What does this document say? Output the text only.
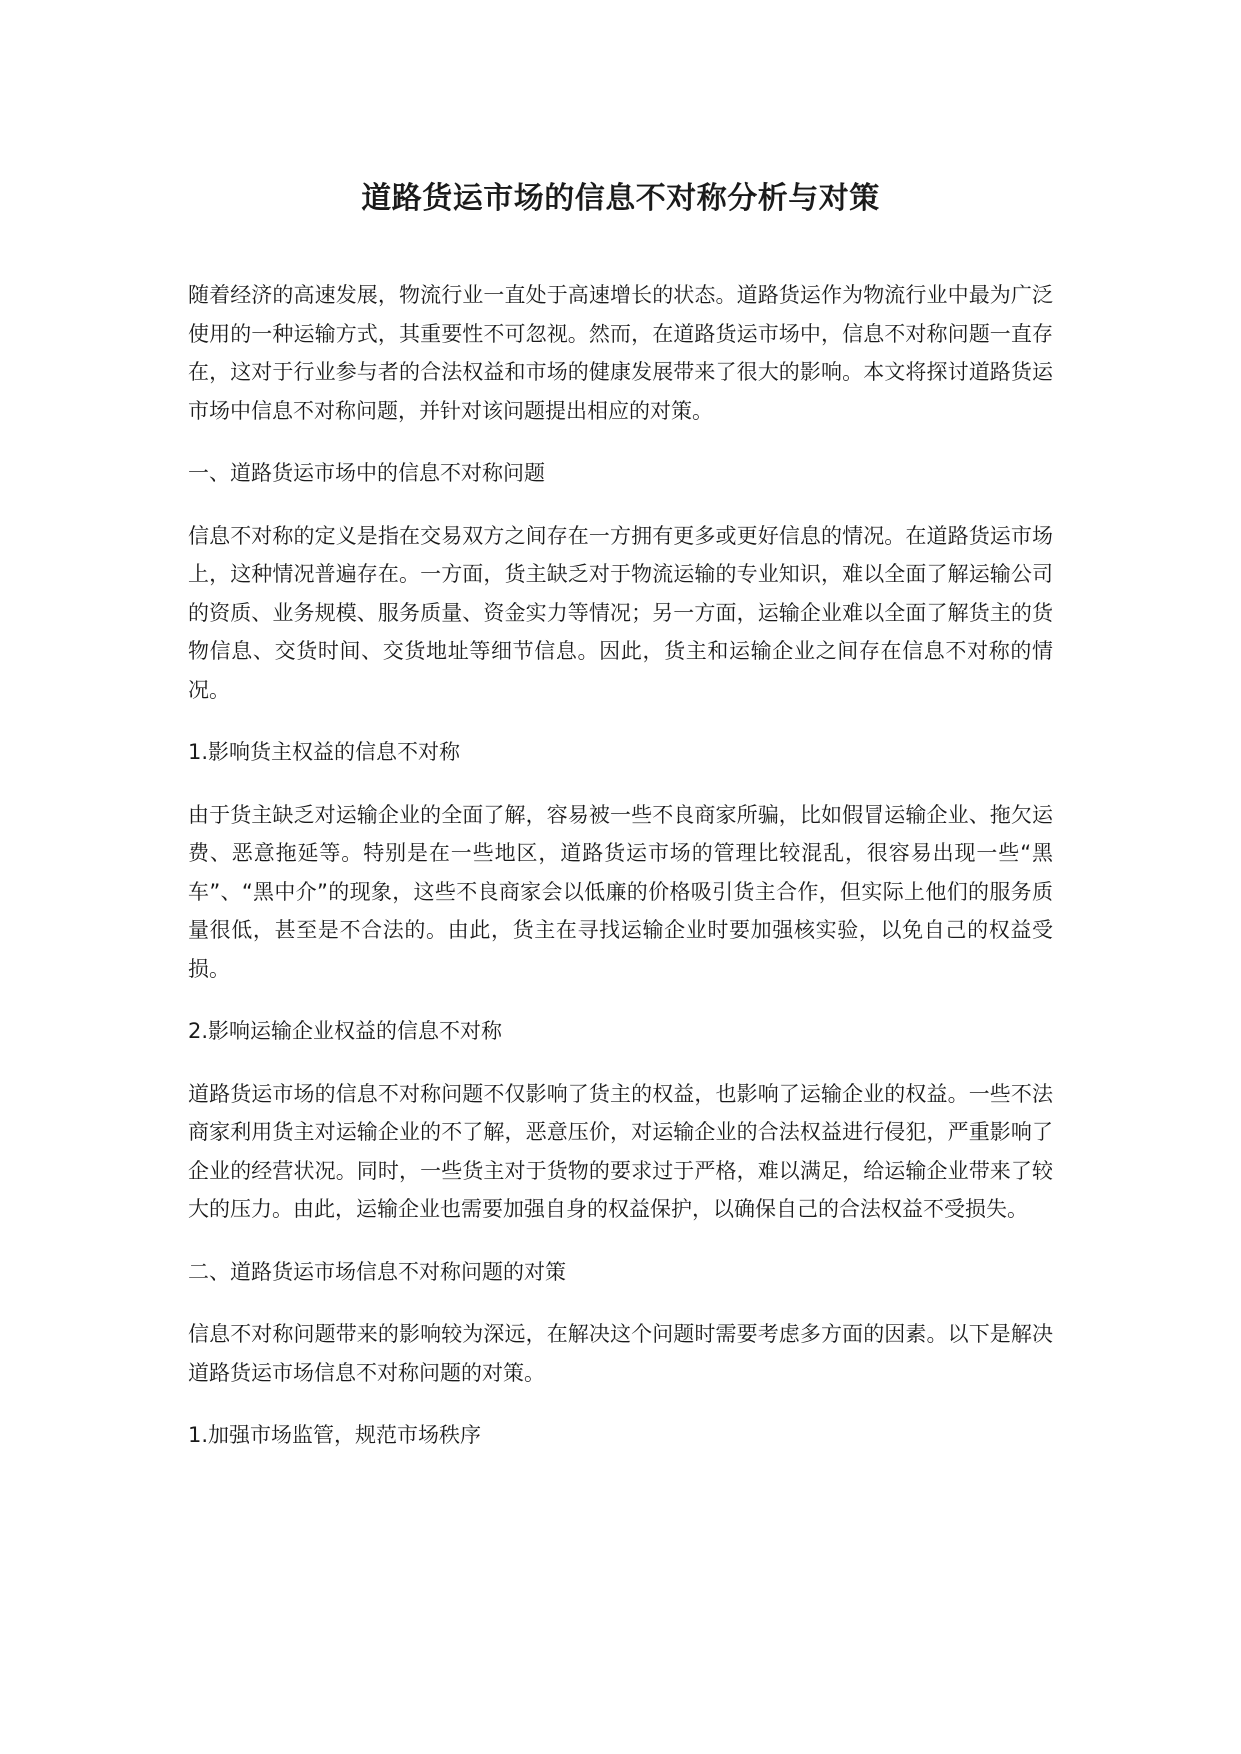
道路货运市场的信息不对称分析与对策

随着经济的高速发展，物流行业一直处于高速增长的状态。道路货运作为物流行业中最为广泛使用的一种运输方式，其重要性不可忽视。然而，在道路货运市场中，信息不对称问题一直存在，这对于行业参与者的合法权益和市场的健康发展带来了很大的影响。本文将探讨道路货运市场中信息不对称问题，并针对该问题提出相应的对策。

一、道路货运市场中的信息不对称问题

信息不对称的定义是指在交易双方之间存在一方拥有更多或更好信息的情况。在道路货运市场上，这种情况普遍存在。一方面，货主缺乏对于物流运输的专业知识，难以全面了解运输公司的资质、业务规模、服务质量、资金实力等情况；另一方面，运输企业难以全面了解货主的货物信息、交货时间、交货地址等细节信息。因此，货主和运输企业之间存在信息不对称的情况。

1.影响货主权益的信息不对称

由于货主缺乏对运输企业的全面了解，容易被一些不良商家所骗，比如假冒运输企业、拖欠运费、恶意拖延等。特别是在一些地区，道路货运市场的管理比较混乱，很容易出现一些“黑车”、“黑中介”的现象，这些不良商家会以低廉的价格吸引货主合作，但实际上他们的服务质量很低，甚至是不合法的。由此，货主在寻找运输企业时要加强核实验，以免自己的权益受损。

2.影响运输企业权益的信息不对称

道路货运市场的信息不对称问题不仅影响了货主的权益，也影响了运输企业的权益。一些不法商家利用货主对运输企业的不了解，恶意压价，对运输企业的合法权益进行侵犯，严重影响了企业的经营状况。同时，一些货主对于货物的要求过于严格，难以满足，给运输企业带来了较大的压力。由此，运输企业也需要加强自身的权益保护，以确保自己的合法权益不受损失。

二、道路货运市场信息不对称问题的对策

信息不对称问题带来的影响较为深远，在解决这个问题时需要考虑多方面的因素。以下是解决道路货运市场信息不对称问题的对策。

1.加强市场监管，规范市场秩序
